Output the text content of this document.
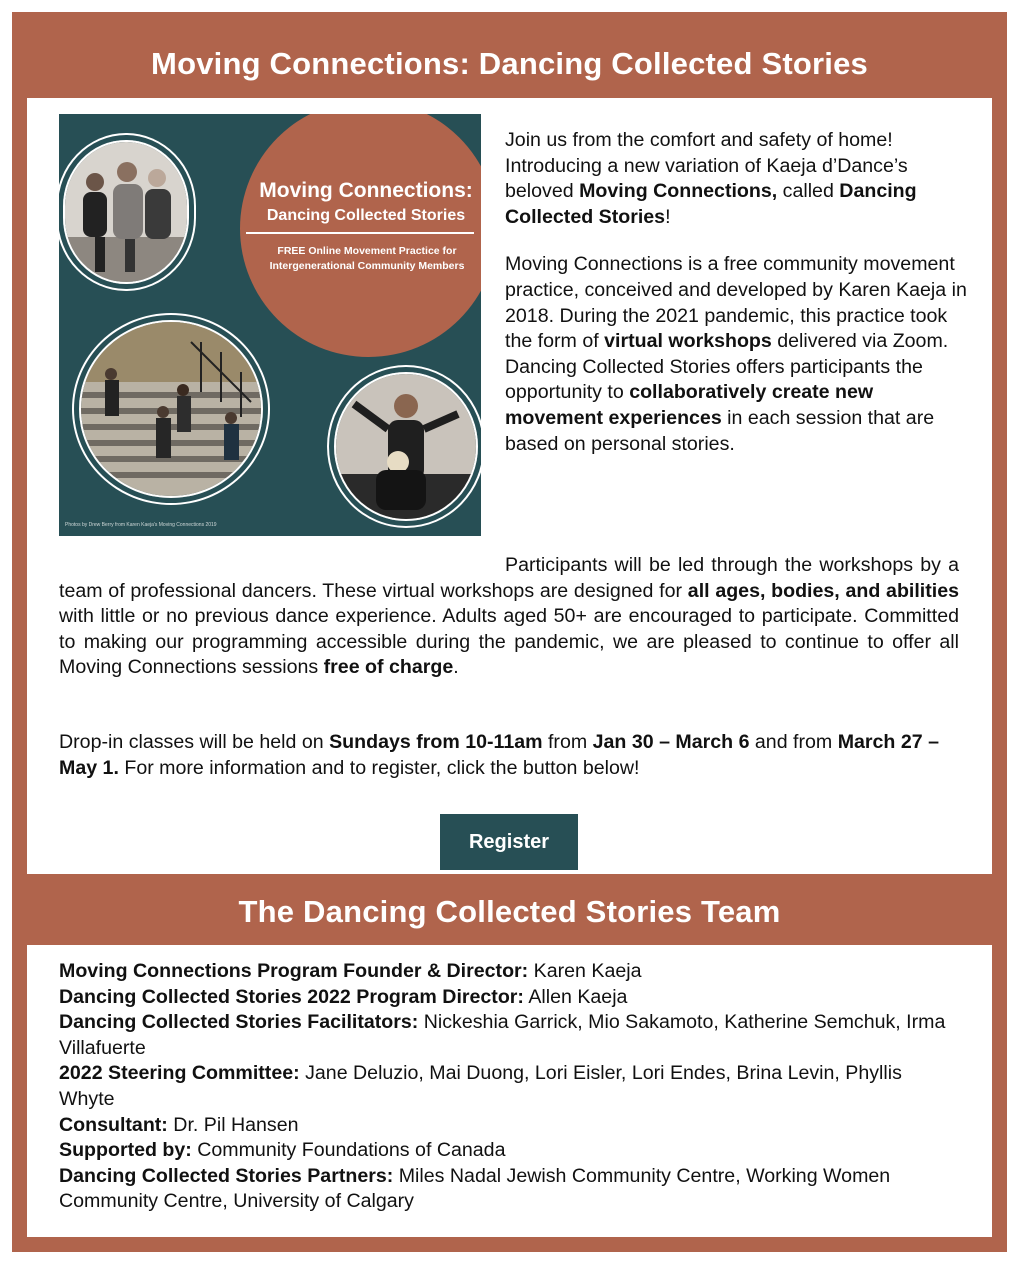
Moving Connections: Dancing Collected Stories
Moving Connections:
Dancing Collected Stories
FREE Online Movement Practice for
Intergenerational Community Members
Photos by Drew Berry from Karen Kaeja's Moving Connections 2019

Join us from the comfort and safety of home! Introducing a new variation of Kaeja d’Dance’s beloved Moving Connections, called Dancing Collected Stories!

Moving Connections is a free community movement practice, conceived and developed by Karen Kaeja in 2018. During the 2021 pandemic, this practice took the form of virtual workshops delivered via Zoom. Dancing Collected Stories offers participants the opportunity to collaboratively create new movement experiences in each session that are based on personal stories.

Participants will be led through the workshops by a team of professional dancers. These virtual workshops are designed for all ages, bodies, and abilities with little or no previous dance experience. Adults aged 50+ are encouraged to participate. Committed to making our programming accessible during the pandemic, we are pleased to continue to offer all Moving Connections sessions free of charge.
Drop-in classes will be held on Sundays from 10-11am from Jan 30 – March 6 and from March 27 – May 1. For more information and to register, click the button below!
Register
The Dancing Collected Stories Team

Moving Connections Program Founder & Director: Karen Kaeja

Dancing Collected Stories 2022 Program Director: Allen Kaeja

Dancing Collected Stories Facilitators: Nickeshia Garrick, Mio Sakamoto, Katherine Semchuk, Irma Villafuerte

2022 Steering Committee: Jane Deluzio, Mai Duong, Lori Eisler, Lori Endes, Brina Levin, Phyllis Whyte

Consultant: Dr. Pil Hansen

Supported by: Community Foundations of Canada

Dancing Collected Stories Partners: Miles Nadal Jewish Community Centre, Working Women Community Centre, University of Calgary
